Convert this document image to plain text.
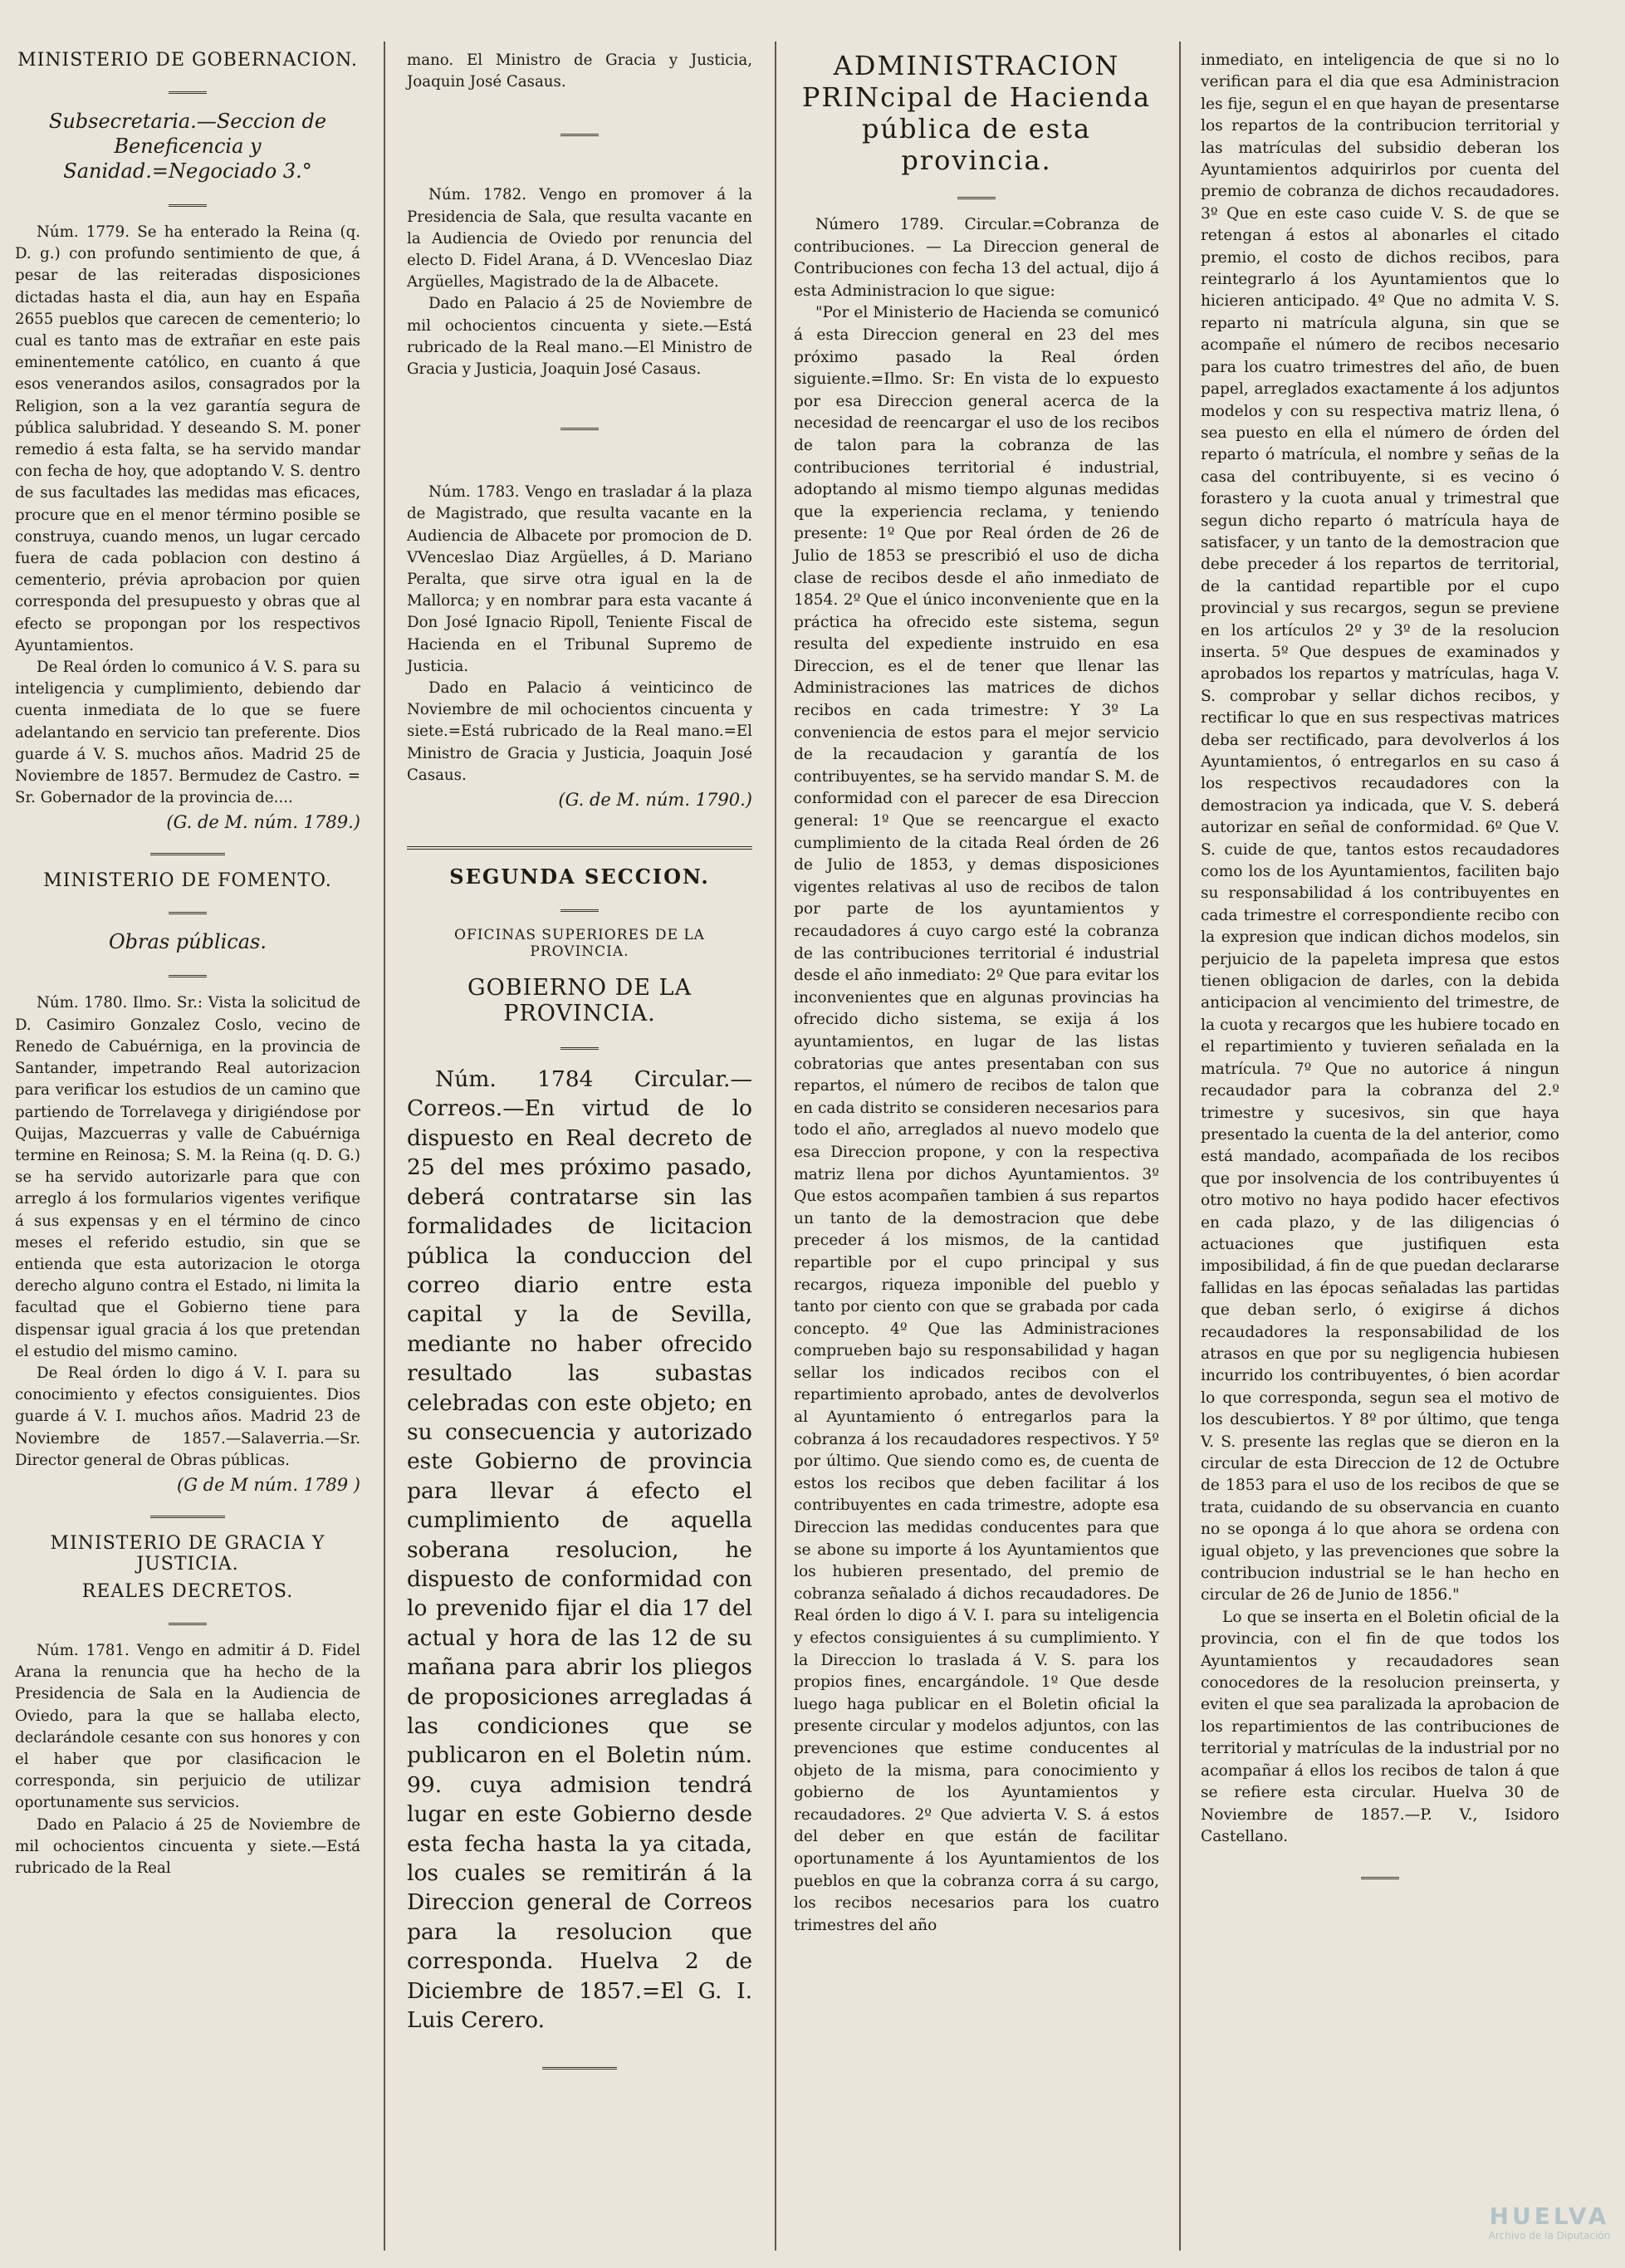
MINISTERIO DE GOBERNACION.
Subsecretaria.—Seccion de Beneficencia y Sanidad.=Negociado 3.°

Núm. 1779. Se ha enterado la Reina (q. D. g.) con profundo sentimiento de que, á pesar de las reiteradas disposiciones dictadas hasta el dia, aun hay en España 2655 pueblos que carecen de cementerio; lo cual es tanto mas de extrañar en este pais eminentemente católico, en cuanto á que esos venerandos asilos, consagrados por la Religion, son a la vez garantía segura de pública salubridad. Y deseando S. M. poner remedio á esta falta, se ha servido mandar con fecha de hoy, que adoptando V. S. dentro de sus facultades las medidas mas eficaces, procure que en el menor término posible se construya, cuando menos, un lugar cercado fuera de cada poblacion con destino á cementerio, prévia aprobacion por quien corresponda del presupuesto y obras que al efecto se propongan por los respectivos Ayuntamientos.

De Real órden lo comunico á V. S. para su inteligencia y cumplimiento, debiendo dar cuenta inmediata de lo que se fuere adelantando en servicio tan preferente. Dios guarde á V. S. muchos años. Madrid 25 de Noviembre de 1857. Bermudez de Castro. = Sr. Gobernador de la provincia de....

(G. de M. núm. 1789.)
MINISTERIO DE FOMENTO.
Obras públicas.

Núm. 1780. Ilmo. Sr.: Vista la solicitud de D. Casimiro Gonzalez Coslo, vecino de Renedo de Cabuérniga, en la provincia de Santander, impetrando Real autorizacion para verificar los estudios de un camino que partiendo de Torrelavega y dirigiéndose por Quijas, Mazcuerras y valle de Cabuérniga termine en Reinosa; S. M. la Reina (q. D. G.) se ha servido autorizarle para que con arreglo á los formularios vigentes verifique á sus expensas y en el término de cinco meses el referido estudio, sin que se entienda que esta autorizacion le otorga derecho alguno contra el Estado, ni limita la facultad que el Gobierno tiene para dispensar igual gracia á los que pretendan el estudio del mismo camino.

De Real órden lo digo á V. I. para su conocimiento y efectos consiguientes. Dios guarde á V. I. muchos años. Madrid 23 de Noviembre de 1857.—Salaverria.—Sr. Director general de Obras públicas.

(G de M núm. 1789 )
MINISTERIO DE GRACIA Y JUSTICIA.
REALES DECRETOS.

Núm. 1781. Vengo en admitir á D. Fidel Arana la renuncia que ha hecho de la Presidencia de Sala en la Audiencia de Oviedo, para la que se hallaba electo, declarándole cesante con sus honores y con el haber que por clasificacion le corresponda, sin perjuicio de utilizar oportunamente sus servicios.

Dado en Palacio á 25 de Noviembre de mil ochocientos cincuenta y siete.—Está rubricado de la Real

mano. El Ministro de Gracia y Justicia, Joaquin José Casaus.

Núm. 1782. Vengo en promover á la Presidencia de Sala, que resulta vacante en la Audiencia de Oviedo por renuncia del electo D. Fidel Arana, á D. VVenceslao Diaz Argüelles, Magistrado de la de Albacete.

Dado en Palacio á 25 de Noviembre de mil ochocientos cincuenta y siete.—Está rubricado de la Real mano.—El Ministro de Gracia y Justicia, Joaquin José Casaus.

Núm. 1783. Vengo en trasladar á la plaza de Magistrado, que resulta vacante en la Audiencia de Albacete por promocion de D. VVenceslao Diaz Argüelles, á D. Mariano Peralta, que sirve otra igual en la de Mallorca; y en nombrar para esta vacante á Don José Ignacio Ripoll, Teniente Fiscal de Hacienda en el Tribunal Supremo de Justicia.

Dado en Palacio á veinticinco de Noviembre de mil ochocientos cincuenta y siete.=Está rubricado de la Real mano.=El Ministro de Gracia y Justicia, Joaquin José Casaus.

(G. de M. núm. 1790.)
SEGUNDA SECCION.
OFICINAS SUPERIORES DE LA PROVINCIA.
GOBIERNO DE LA PROVINCIA.

Núm. 1784 Circular.—Correos.—En virtud de lo dispuesto en Real decreto de 25 del mes próximo pasado, deberá contratarse sin las formalidades de licitacion pública la conduccion del correo diario entre esta capital y la de Sevilla, mediante no haber ofrecido resultado las subastas celebradas con este objeto; en su consecuencia y autorizado este Gobierno de provincia para llevar á efecto el cumplimiento de aquella soberana resolucion, he dispuesto de conformidad con lo prevenido fijar el dia 17 del actual y hora de las 12 de su mañana para abrir los pliegos de proposiciones arregladas á las condiciones que se publicaron en el Boletin núm. 99. cuya admision tendrá lugar en este Gobierno desde esta fecha hasta la ya citada, los cuales se remitirán á la Direccion general de Correos para la resolucion que corresponda. Huelva 2 de Diciembre de 1857.=El G. I. Luis Cerero.

ADMINISTRACION PRINcipal de Hacienda pública de esta provincia.

Número 1789. Circular.=Cobranza de contribuciones. — La Direccion general de Contribuciones con fecha 13 del actual, dijo á esta Administracion lo que sigue:

"Por el Ministerio de Hacienda se comunicó á esta Direccion general en 23 del mes próximo pasado la Real órden siguiente.=Ilmo. Sr: En vista de lo expuesto por esa Direccion general acerca de la necesidad de reencargar el uso de los recibos de talon para la cobranza de las contribuciones territorial é industrial, adoptando al mismo tiempo algunas medidas que la experiencia reclama, y teniendo presente: 1º Que por Real órden de 26 de Julio de 1853 se prescribió el uso de dicha clase de recibos desde el año inmediato de 1854. 2º Que el único inconveniente que en la práctica ha ofrecido este sistema, segun resulta del expediente instruido en esa Direccion, es el de tener que llenar las Administraciones las matrices de dichos recibos en cada trimestre: Y 3º La conveniencia de estos para el mejor servicio de la recaudacion y garantía de los contribuyentes, se ha servido mandar S. M. de conformidad con el parecer de esa Direccion general: 1º Que se reencargue el exacto cumplimiento de la citada Real órden de 26 de Julio de 1853, y demas disposiciones vigentes relativas al uso de recibos de talon por parte de los ayuntamientos y recaudadores á cuyo cargo esté la cobranza de las contribuciones territorial é industrial desde el año inmediato: 2º Que para evitar los inconvenientes que en algunas provincias ha ofrecido dicho sistema, se exija á los ayuntamientos, en lugar de las listas cobratorias que antes presentaban con sus repartos, el número de recibos de talon que en cada distrito se consideren necesarios para todo el año, arreglados al nuevo modelo que esa Direccion propone, y con la respectiva matriz llena por dichos Ayuntamientos. 3º Que estos acompañen tambien á sus repartos un tanto de la demostracion que debe preceder á los mismos, de la cantidad repartible por el cupo principal y sus recargos, riqueza imponible del pueblo y tanto por ciento con que se grabada por cada concepto. 4º Que las Administraciones comprueben bajo su responsabilidad y hagan sellar los indicados recibos con el repartimiento aprobado, antes de devolverlos al Ayuntamiento ó entregarlos para la cobranza á los recaudadores respectivos. Y 5º por último. Que siendo como es, de cuenta de estos los recibos que deben facilitar á los contribuyentes en cada trimestre, adopte esa Direccion las medidas conducentes para que se abone su importe á los Ayuntamientos que los hubieren presentado, del premio de cobranza señalado á dichos recaudadores. De Real órden lo digo á V. I. para su inteligencia y efectos consiguientes á su cumplimiento. Y la Direccion lo traslada á V. S. para los propios fines, encargándole. 1º Que desde luego haga publicar en el Boletin oficial la presente circular y modelos adjuntos, con las prevenciones que estime conducentes al objeto de la misma, para conocimiento y gobierno de los Ayuntamientos y recaudadores. 2º Que advierta V. S. á estos del deber en que están de facilitar oportunamente á los Ayuntamientos de los pueblos en que la cobranza corra á su cargo, los recibos necesarios para los cuatro trimestres del año

inmediato, en inteligencia de que si no lo verifican para el dia que esa Administracion les fije, segun el en que hayan de presentarse los repartos de la contribucion territorial y las matrículas del subsidio deberan los Ayuntamientos adquirirlos por cuenta del premio de cobranza de dichos recaudadores. 3º Que en este caso cuide V. S. de que se retengan á estos al abonarles el citado premio, el costo de dichos recibos, para reintegrarlo á los Ayuntamientos que lo hicieren anticipado. 4º Que no admita V. S. reparto ni matrícula alguna, sin que se acompañe el número de recibos necesario para los cuatro trimestres del año, de buen papel, arreglados exactamente á los adjuntos modelos y con su respectiva matriz llena, ó sea puesto en ella el número de órden del reparto ó matrícula, el nombre y señas de la casa del contribuyente, si es vecino ó forastero y la cuota anual y trimestral que segun dicho reparto ó matrícula haya de satisfacer, y un tanto de la demostracion que debe preceder á los repartos de territorial, de la cantidad repartible por el cupo provincial y sus recargos, segun se previene en los artículos 2º y 3º de la resolucion inserta. 5º Que despues de examinados y aprobados los repartos y matrículas, haga V. S. comprobar y sellar dichos recibos, y rectificar lo que en sus respectivas matrices deba ser rectificado, para devolverlos á los Ayuntamientos, ó entregarlos en su caso á los respectivos recaudadores con la demostracion ya indicada, que V. S. deberá autorizar en señal de conformidad. 6º Que V. S. cuide de que, tantos estos recaudadores como los de los Ayuntamientos, faciliten bajo su responsabilidad á los contribuyentes en cada trimestre el correspondiente recibo con la expresion que indican dichos modelos, sin perjuicio de la papeleta impresa que estos tienen obligacion de darles, con la debida anticipacion al vencimiento del trimestre, de la cuota y recargos que les hubiere tocado en el repartimiento y tuvieren señalada en la matrícula. 7º Que no autorice á ningun recaudador para la cobranza del 2.º trimestre y sucesivos, sin que haya presentado la cuenta de la del anterior, como está mandado, acompañada de los recibos que por insolvencia de los contribuyentes ú otro motivo no haya podido hacer efectivos en cada plazo, y de las diligencias ó actuaciones que justifiquen esta imposibilidad, á fin de que puedan declararse fallidas en las épocas señaladas las partidas que deban serlo, ó exigirse á dichos recaudadores la responsabilidad de los atrasos en que por su negligencia hubiesen incurrido los contribuyentes, ó bien acordar lo que corresponda, segun sea el motivo de los descubiertos. Y 8º por último, que tenga V. S. presente las reglas que se dieron en la circular de esta Direccion de 12 de Octubre de 1853 para el uso de los recibos de que se trata, cuidando de su observancia en cuanto no se oponga á lo que ahora se ordena con igual objeto, y las prevenciones que sobre la contribucion industrial se le han hecho en circular de 26 de Junio de 1856."

Lo que se inserta en el Boletin oficial de la provincia, con el fin de que todos los Ayuntamientos y recaudadores sean conocedores de la resolucion preinserta, y eviten el que sea paralizada la aprobacion de los repartimientos de las contribuciones de territorial y matrículas de la industrial por no acompañar á ellos los recibos de talon á que se refiere esta circular. Huelva 30 de Noviembre de 1857.—P. V., Isidoro Castellano.

HUELVA
Archivo de la Diputación
